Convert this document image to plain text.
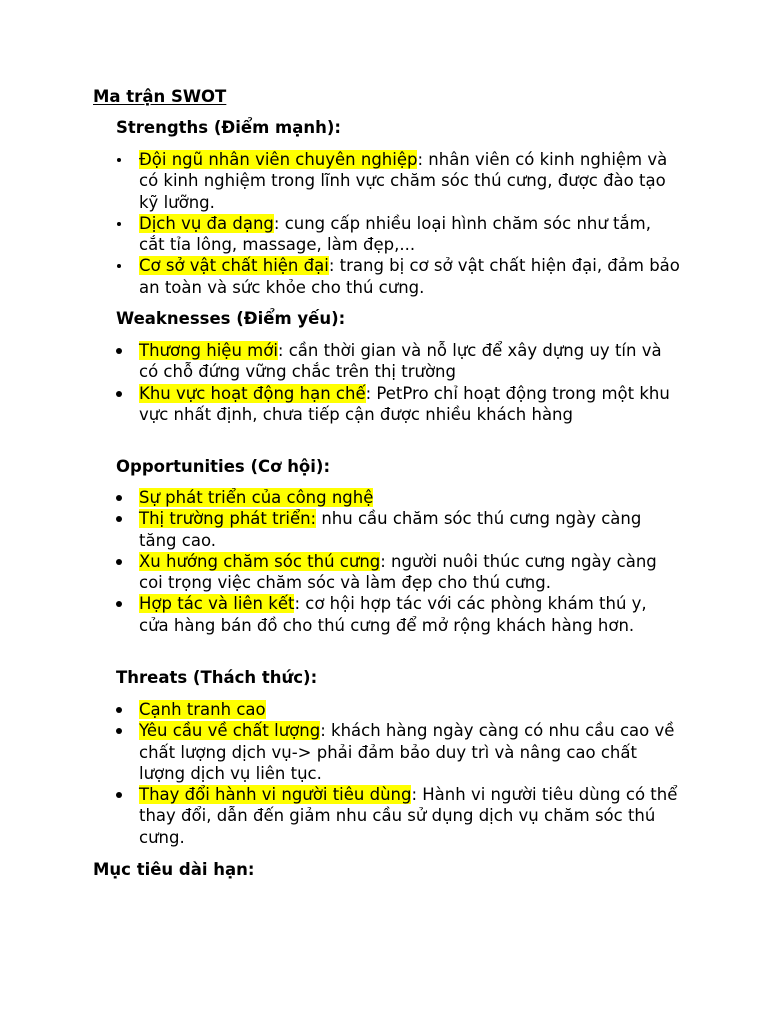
Ma trận SWOT
Strengths (Điểm mạnh):
Đội ngũ nhân viên chuyên nghiệp: nhân viên có kinh nghiệm và có kinh nghiệm trong lĩnh vực chăm sóc thú cưng, được đào tạo kỹ lưỡng.
Dịch vụ đa dạng: cung cấp nhiều loại hình chăm sóc như tắm, cắt tỉa lông, massage, làm đẹp,...
Cơ sở vật chất hiện đại: trang bị cơ sở vật chất hiện đại, đảm bảo an toàn và sức khỏe cho thú cưng.
Weaknesses (Điểm yếu):
Thương hiệu mới: cần thời gian và nỗ lực để xây dựng uy tín và có chỗ đứng vững chắc trên thị trường
Khu vực hoạt động hạn chế: PetPro chỉ hoạt động trong một khu vực nhất định, chưa tiếp cận được nhiều khách hàng
Opportunities (Cơ hội):
Sự phát triển của công nghệ
Thị trường phát triển: nhu cầu chăm sóc thú cưng ngày càng tăng cao.
Xu hướng chăm sóc thú cưng: người nuôi thúc cưng ngày càng coi trọng việc chăm sóc và làm đẹp cho thú cưng.
Hợp tác và liên kết: cơ hội hợp tác với các phòng khám thú y, cửa hàng bán đồ cho thú cưng để mở rộng khách hàng hơn.
Threats (Thách thức):
Cạnh tranh cao
Yêu cầu về chất lượng: khách hàng ngày càng có nhu cầu cao về chất lượng dịch vụ-> phải đảm bảo duy trì và nâng cao chất lượng dịch vụ liên tục.
Thay đổi hành vi người tiêu dùng: Hành vi người tiêu dùng có thể thay đổi, dẫn đến giảm nhu cầu sử dụng dịch vụ chăm sóc thú cưng.
Mục tiêu dài hạn:
